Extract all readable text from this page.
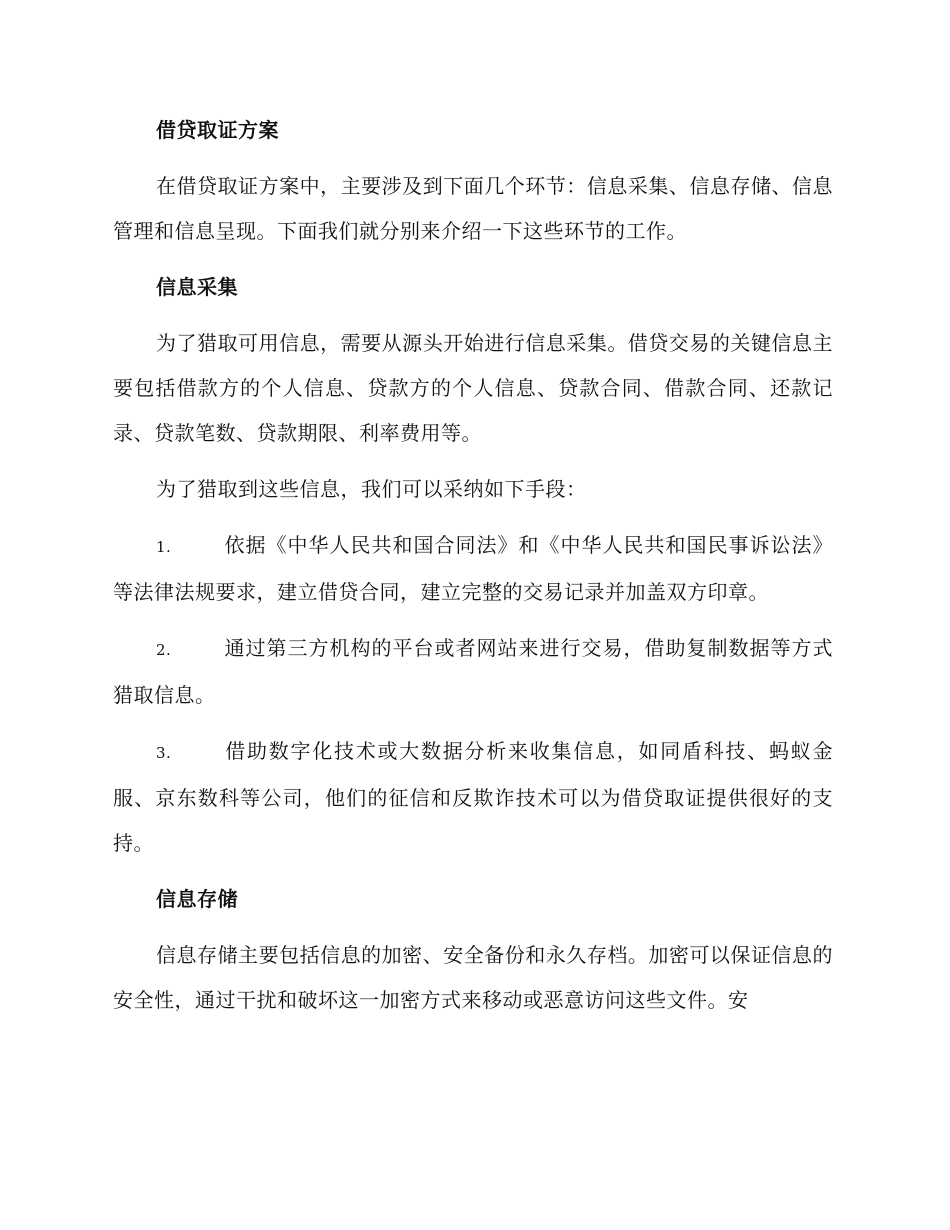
借贷取证方案
在借贷取证方案中，主要涉及到下面几个环节：信息采集、信息存储、信息管理和信息呈现。下面我们就分别来介绍一下这些环节的工作。
信息采集
为了猎取可用信息，需要从源头开始进行信息采集。借贷交易的关键信息主要包括借款方的个人信息、贷款方的个人信息、贷款合同、借款合同、还款记录、贷款笔数、贷款期限、利率费用等。
为了猎取到这些信息，我们可以采纳如下手段：
1.	依据《中华人民共和国合同法》和《中华人民共和国民事诉讼法》等法律法规要求，建立借贷合同，建立完整的交易记录并加盖双方印章。
2.	通过第三方机构的平台或者网站来进行交易，借助复制数据等方式猎取信息。
3.	借助数字化技术或大数据分析来收集信息，如同盾科技、蚂蚁金服、京东数科等公司，他们的征信和反欺诈技术可以为借贷取证提供很好的支持。
信息存储
信息存储主要包括信息的加密、安全备份和永久存档。加密可以保证信息的安全性，通过干扰和破坏这一加密方式来移动或恶意访问这些文件。安
